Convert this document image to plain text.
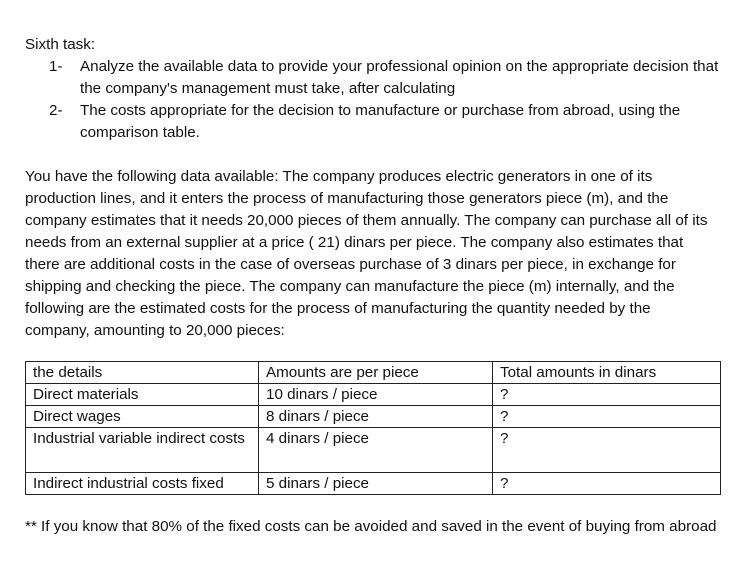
Sixth task:

1- Analyze the available data to provide your professional opinion on the appropriate decision that the company's management must take, after calculating
2- The costs appropriate for the decision to manufacture or purchase from abroad, using the comparison table.

You have the following data available: The company produces electric generators in one of its production lines, and it enters the process of manufacturing those generators piece (m), and the company estimates that it needs 20,000 pieces of them annually. The company can purchase all of its needs from an external supplier at a price ( 21) dinars per piece. The company also estimates that there are additional costs in the case of overseas purchase of 3 dinars per piece, in exchange for shipping and checking the piece. The company can manufacture the piece (m) internally, and the following are the estimated costs for the process of manufacturing the quantity needed by the company, amounting to 20,000 pieces:

the details	Amounts are per piece	Total amounts in dinars
Direct materials	10 dinars / piece	?
Direct wages	8 dinars / piece	?
Industrial variable indirect costs	4 dinars / piece	?
Indirect industrial costs fixed	5 dinars / piece	?

** If you know that 80% of the fixed costs can be avoided and saved in the event of buying from abroad
